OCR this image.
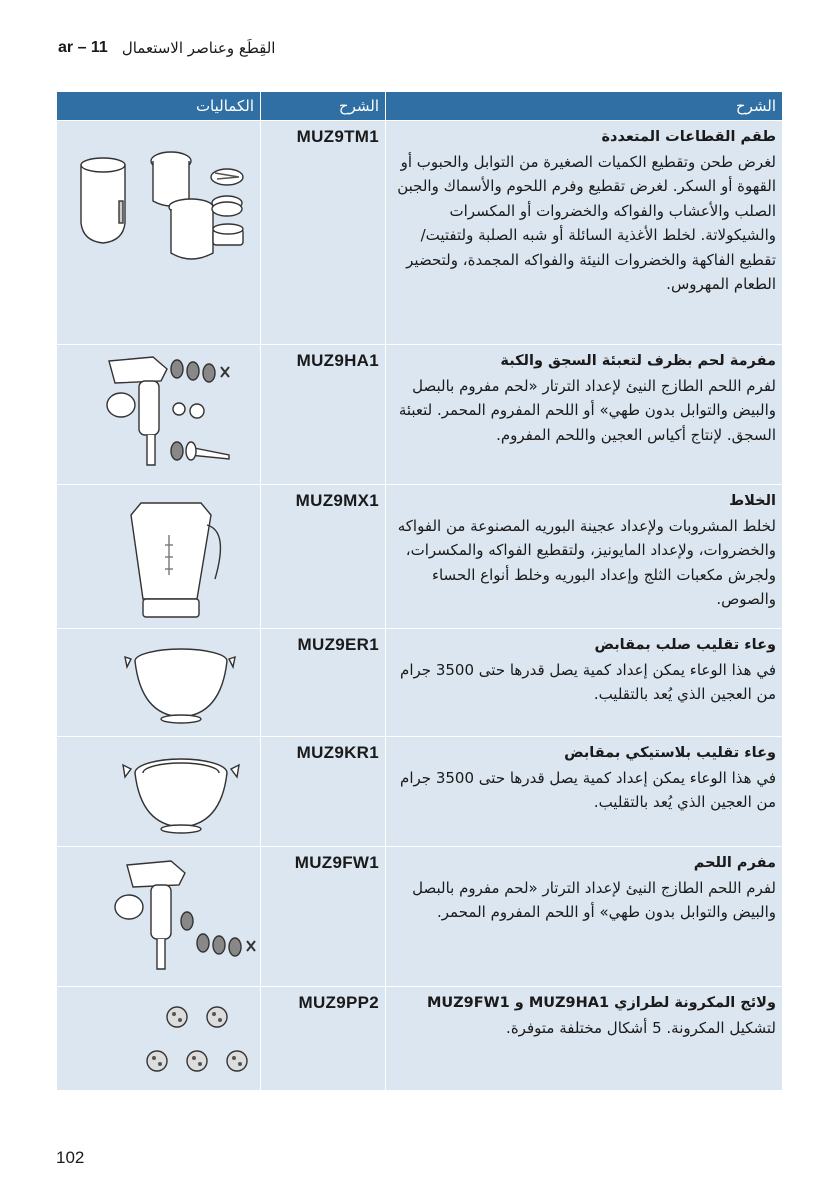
ar – 11 القِطَع وعناصر الاستعمال
الكماليات	الشرح	الشرح

	MUZ9TM1	طقم القطاعات المتعددة
لغرض طحن وتقطيع الكميات الصغيرة من التوابل والحبوب أو القهوة أو السكر. لغرض تقطيع وفرم اللحوم والأسماك والجبن الصلب والأعشاب والفواكه والخضروات أو المكسرات والشيكولاتة. لخلط الأغذية السائلة أو شبه الصلبة ولتفتيت/تقطيع الفاكهة والخضروات النيئة والفواكه المجمدة، ولتحضير الطعام المهروس.

	MUZ9HA1	مفرمة لحم بظرف لتعبئة السجق والكبة
لفرم اللحم الطازج النيئ لإعداد الترتار «لحم مفروم بالبصل والبيض والتوابل بدون طهي» أو اللحم المفروم المحمر. لتعبئة السجق. لإنتاج أكياس العجين واللحم المفروم.

	MUZ9MX1	الخلاط
لخلط المشروبات ولإعداد عجينة البوريه المصنوعة من الفواكه والخضروات، ولإعداد المايونيز، ولتقطيع الفواكه والمكسرات، ولجرش مكعبات الثلج وإعداد البوريه وخلط أنواع الحساء والصوص.

	MUZ9ER1	وعاء تقليب صلب بمقابض
في هذا الوعاء يمكن إعداد كمية يصل قدرها حتى 3500 جرام من العجين الذي يُعد بالتقليب.

	MUZ9KR1	وعاء تقليب بلاستيكي بمقابض
في هذا الوعاء يمكن إعداد كمية يصل قدرها حتى 3500 جرام من العجين الذي يُعد بالتقليب.

	MUZ9FW1	مفرم اللحم
لفرم اللحم الطازج النيئ لإعداد الترتار «لحم مفروم بالبصل والبيض والتوابل بدون طهي» أو اللحم المفروم المحمر.

	MUZ9PP2	ولائج المكرونة لطرازي MUZ9HA1 و MUZ9FW1
لتشكيل المكرونة. 5 أشكال مختلفة متوفرة.
102
